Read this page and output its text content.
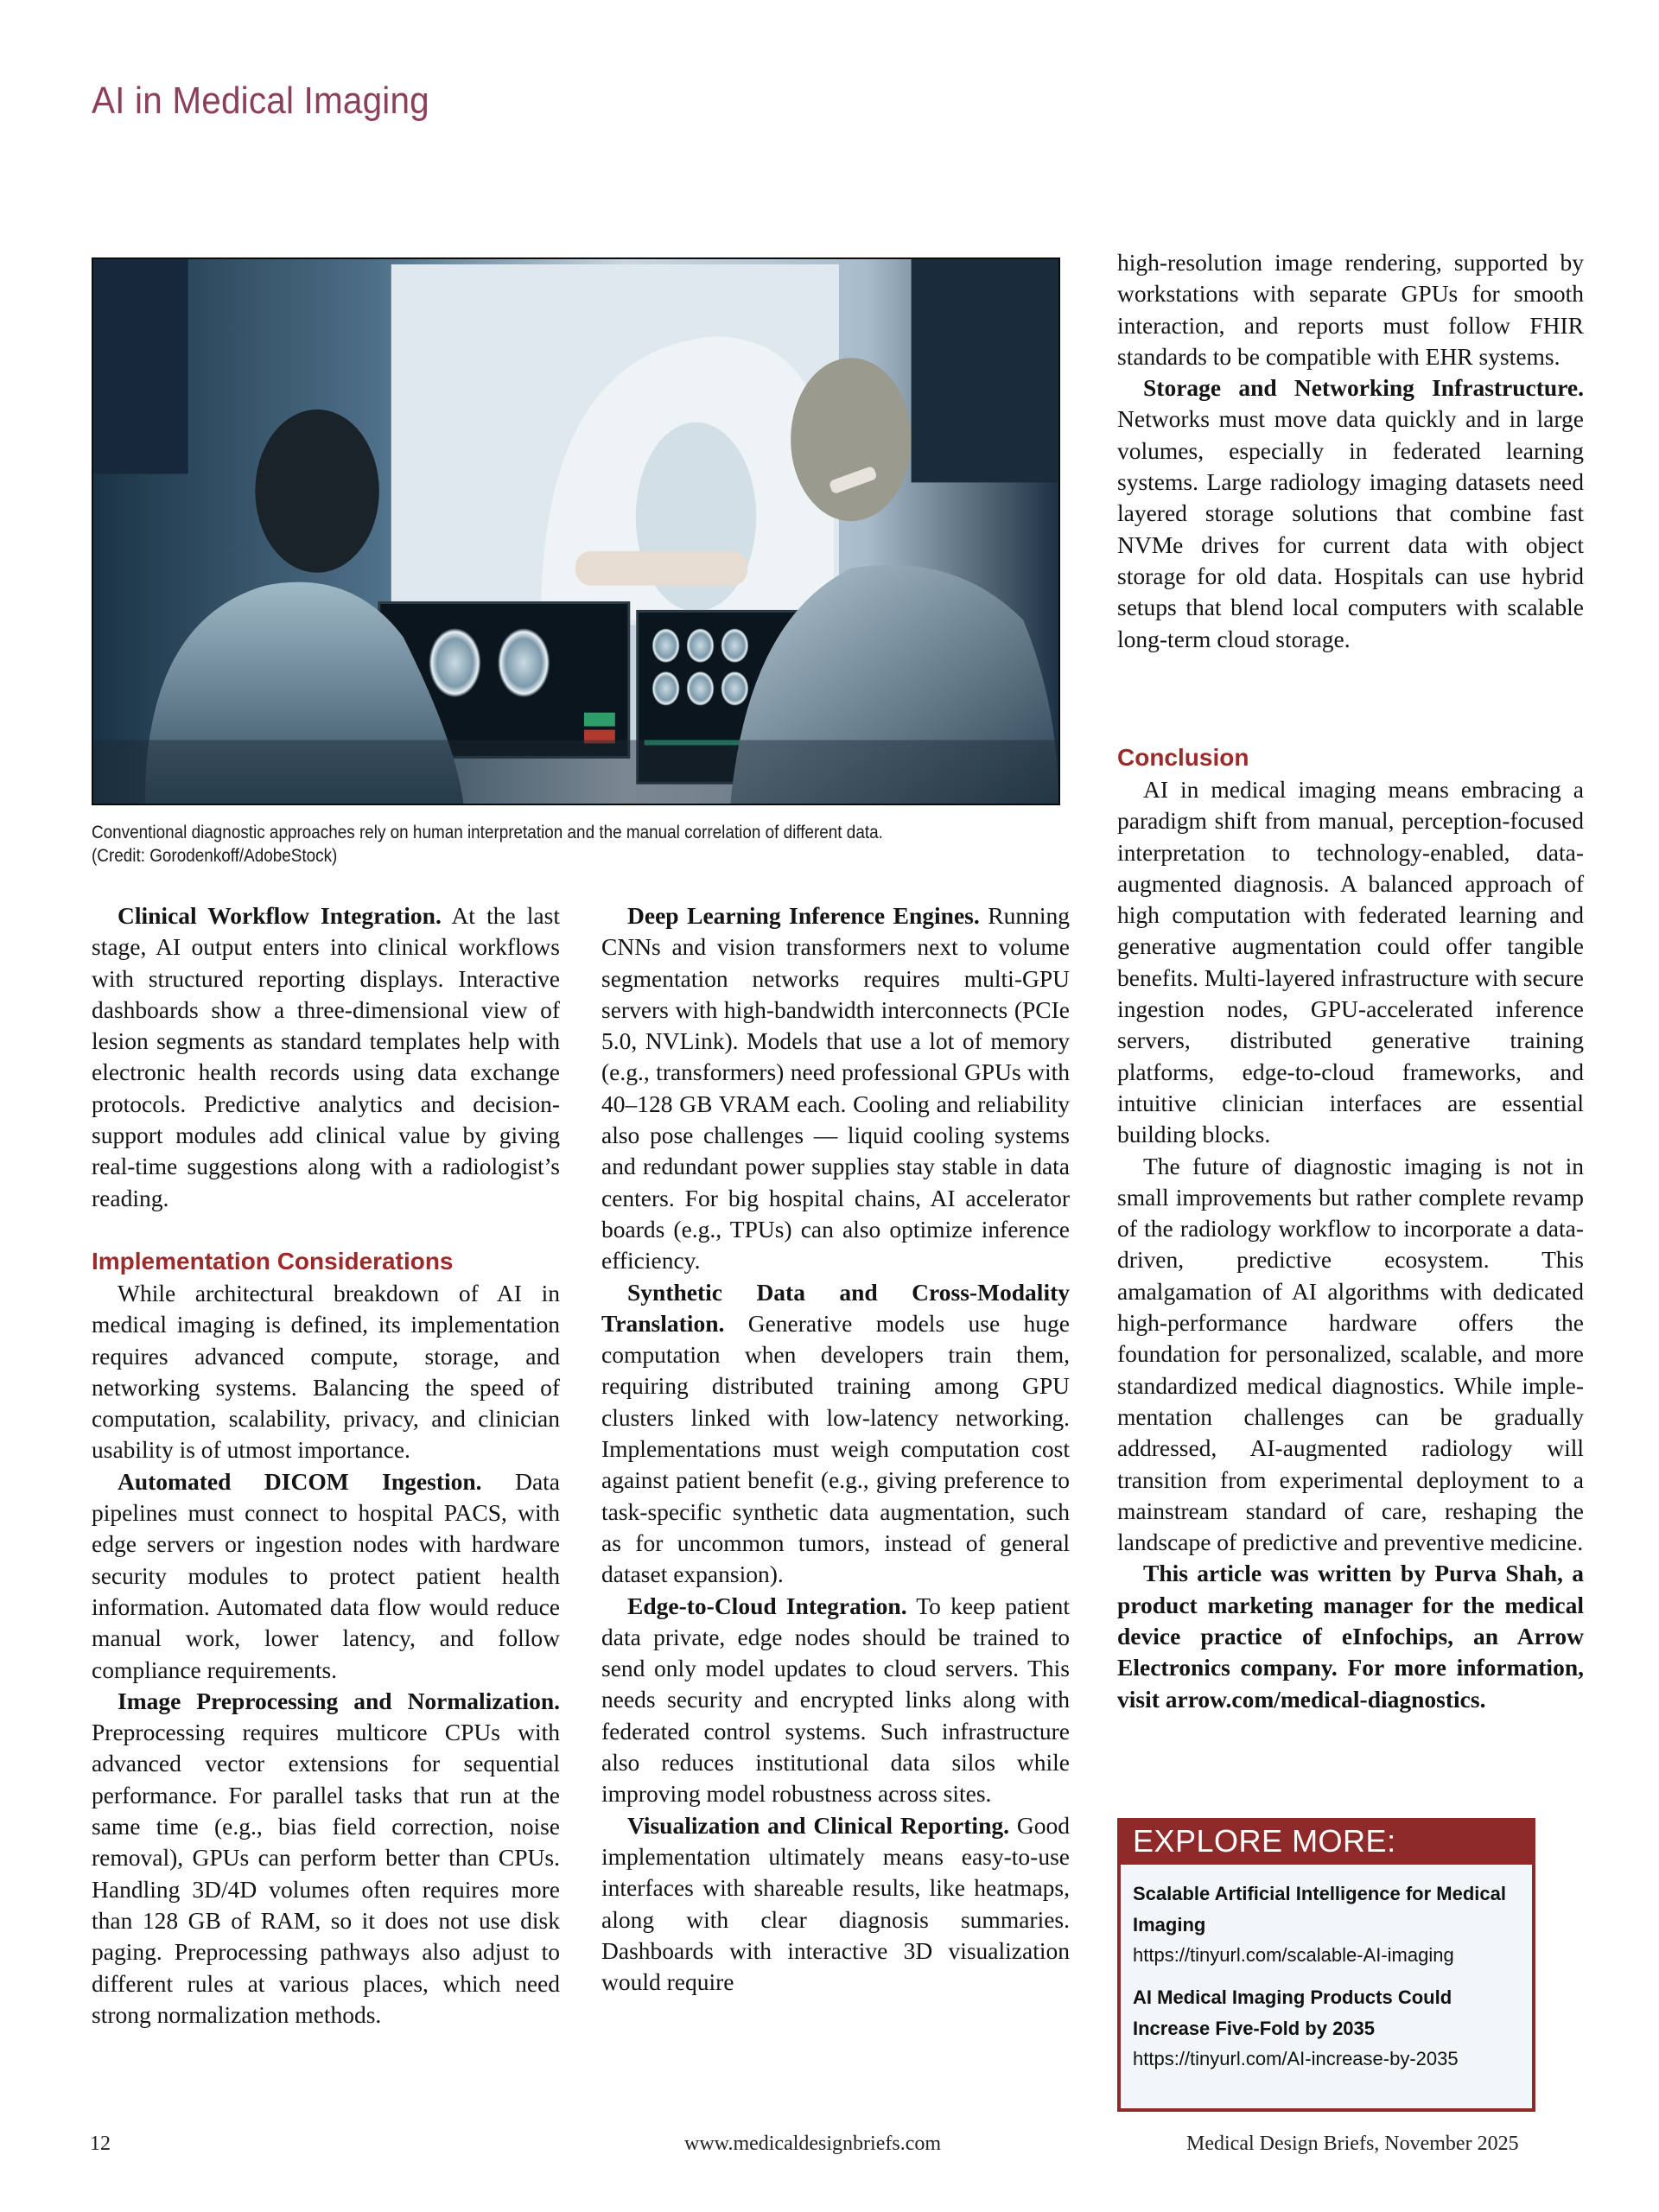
AI in Medical Imaging
Conventional diagnostic approaches rely on human interpretation and the manual correlation of different data.
(Credit: Gorodenkoff/AdobeStock)

Clinical Workflow Integration. At the last stage, AI output enters into clinical workflows with structured reporting displays. Interactive dashboards show a three-dimensional view of lesion segments as standard templates help with electronic health records using data exchange protocols. Predictive analytics and decision-support modules add clinical value by giving real-time suggestions along with a radiologist’s reading.

Implementation Considerations

While architectural breakdown of AI in medical imaging is defined, its implementation requires advanced compute, storage, and networking systems. Balancing the speed of computation, scalability, privacy, and clinician usability is of utmost importance.

Automated DICOM Ingestion. Data pipelines must connect to hospital PACS, with edge servers or ingestion nodes with hardware security modules to protect patient health information. Automated data flow would reduce manual work, lower latency, and follow compliance requirements.

Image Preprocessing and Normalization. Preprocessing requires multicore CPUs with advanced vector extensions for sequential performance. For parallel tasks that run at the same time (e.g., bias field correction, noise removal), GPUs can perform better than CPUs. Handling 3D/4D volumes often requires more than 128 GB of RAM, so it does not use disk paging. Preprocessing pathways also adjust to different rules at various places, which need strong normalization methods.

Deep Learning Inference Engines. Running CNNs and vision transformers next to volume segmentation networks requires multi-GPU servers with high-bandwidth interconnects (PCIe 5.0, NVLink). Models that use a lot of memory (e.g., transformers) need professional GPUs with 40–128 GB VRAM each. Cooling and reliability also pose challenges — liquid cooling systems and redundant power supplies stay stable in data centers. For big hospital chains, AI accelerator boards (e.g., TPUs) can also optimize inference efficiency.

Synthetic Data and Cross-Modality Translation. Generative models use huge computation when developers train them, requiring distributed training among GPU clusters linked with low-latency networking. Implementations must weigh computation cost against patient benefit (e.g., giving preference to task-specific synthetic data augmentation, such as for uncommon tumors, instead of general dataset expansion).

Edge-to-Cloud Integration. To keep patient data private, edge nodes should be trained to send only model updates to cloud servers. This needs security and encrypted links along with federated control systems. Such infrastructure also reduces institutional data silos while improving model robustness across sites.

Visualization and Clinical Reporting. Good implementation ultimately means easy-to-use interfaces with shareable results, like heatmaps, along with clear diagnosis summaries. Dashboards with interactive 3D visualization would require

high-resolution image rendering, supported by workstations with separate GPUs for smooth interaction, and reports must follow FHIR standards to be compatible with EHR systems.

Storage and Networking Infrastructure. Networks must move data quickly and in large volumes, especially in federated learning systems. Large radiology imaging datasets need layered storage solutions that combine fast NVMe drives for current data with object storage for old data. Hospitals can use hybrid setups that blend local computers with scalable long-term cloud storage.

Conclusion

AI in medical imaging means embracing a paradigm shift from manual, perception-focused interpretation to technology-enabled, data-augmented diagnosis. A balanced approach of high computation with federated learning and generative augmentation could offer tangible benefits. Multi-layered infrastructure with secure ingestion nodes, GPU-accelerated inference servers, distributed generative training platforms, edge-to-cloud frameworks, and intuitive clinician interfaces are essential building blocks.

The future of diagnostic imaging is not in small improvements but rather complete revamp of the radiology workflow to incorporate a data-driven, predictive ecosystem. This amalgamation of AI algorithms with dedicated high-performance hardware offers the foundation for personalized, scalable, and more standardized medical diagnostics. While implementation challenges can be gradually addressed, AI-augmented radiology will transition from experimental deployment to a mainstream standard of care, reshaping the landscape of predictive and preventive medicine.

This article was written by Purva Shah, a product marketing manager for the medical device practice of eInfochips, an Arrow Electronics company. For more information, visit arrow.com/medical-diagnostics.

EXPLORE MORE:
Scalable Artificial Intelligence for Medical Imaging
https://tinyurl.com/scalable-AI-imaging
AI Medical Imaging Products Could Increase Five-Fold by 2035
https://tinyurl.com/AI-increase-by-2035
12	www.medicaldesignbriefs.com	Medical Design Briefs, November 2025
